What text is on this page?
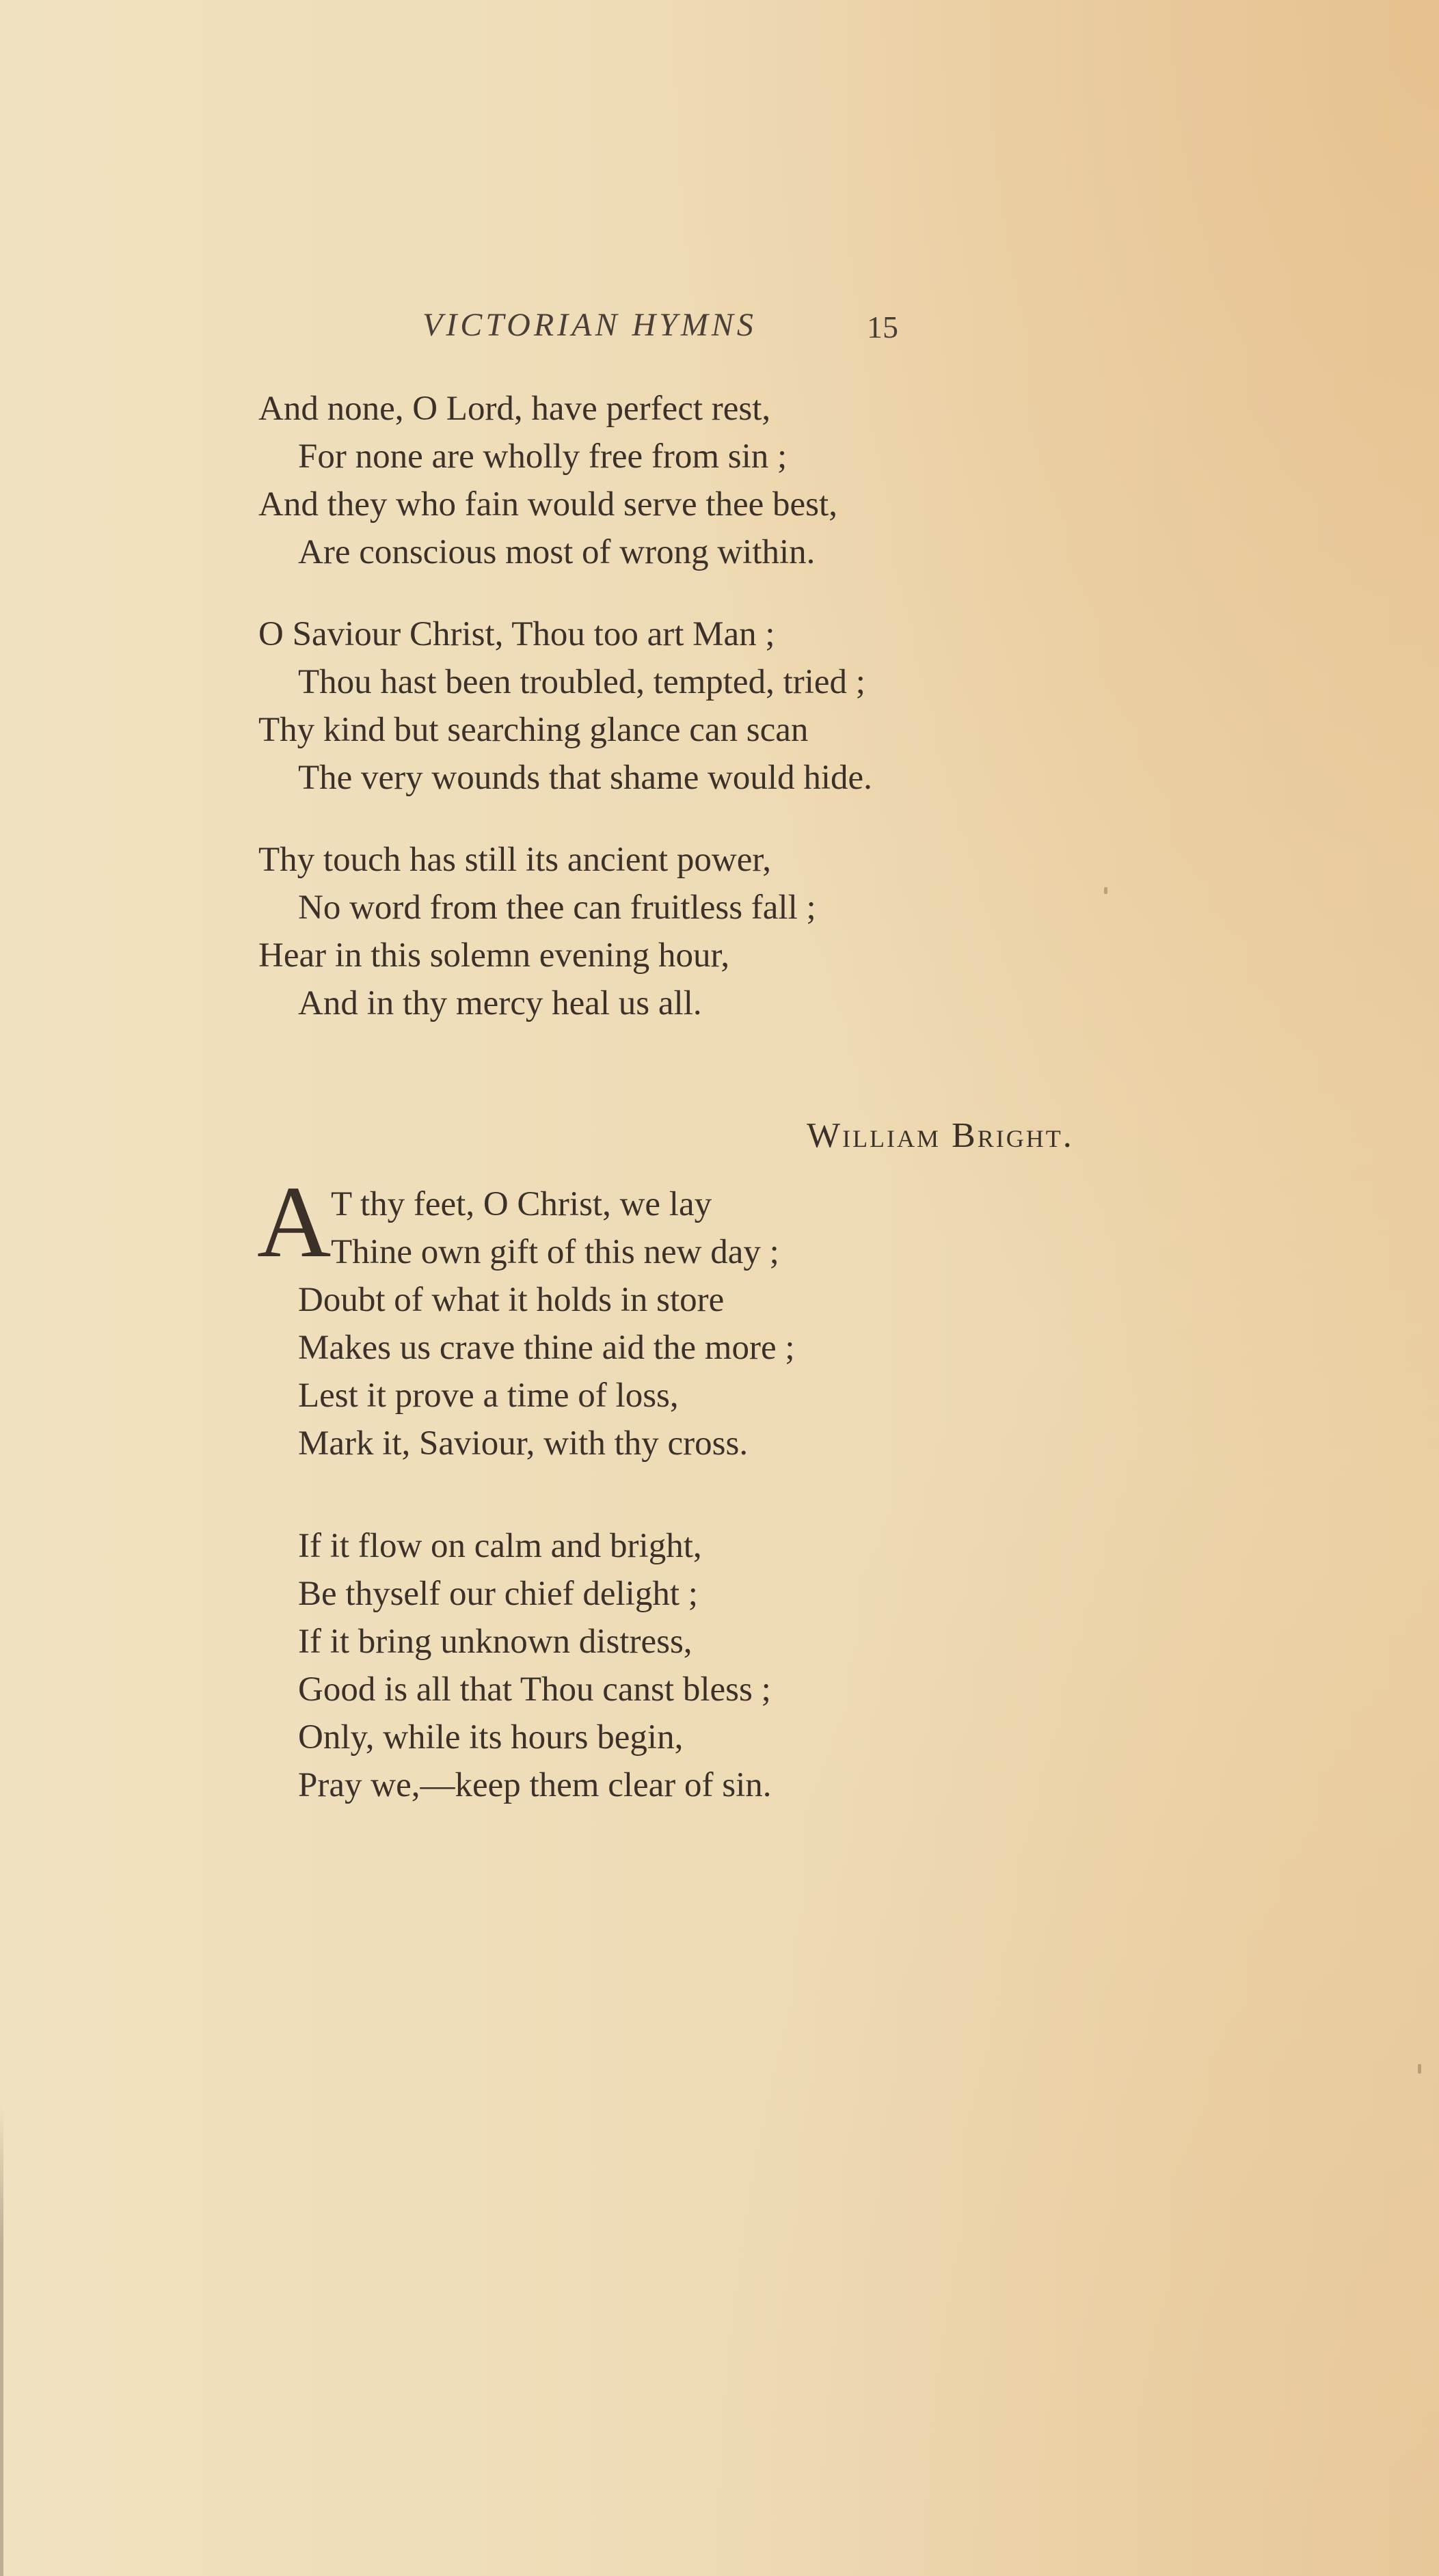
VICTORIAN HYMNS	15
And none, O Lord, have perfect rest,
For none are wholly free from sin ;
And they who fain would serve thee best,
Are conscious most of wrong within.
O Saviour Christ, Thou too art Man ;
Thou hast been troubled, tempted, tried ;
Thy kind but searching glance can scan
The very wounds that shame would hide.
Thy touch has still its ancient power,
No word from thee can fruitless fall ;
Hear in this solemn evening hour,
And in thy mercy heal us all.
William Bright.
A T thy feet, O Christ, we lay
Thine own gift of this new day ;
Doubt of what it holds in store
Makes us crave thine aid the more ;
Lest it prove a time of loss,
Mark it, Saviour, with thy cross.
If it flow on calm and bright,
Be thyself our chief delight ;
If it bring unknown distress,
Good is all that Thou canst bless ;
Only, while its hours begin,
Pray we,—keep them clear of sin.
